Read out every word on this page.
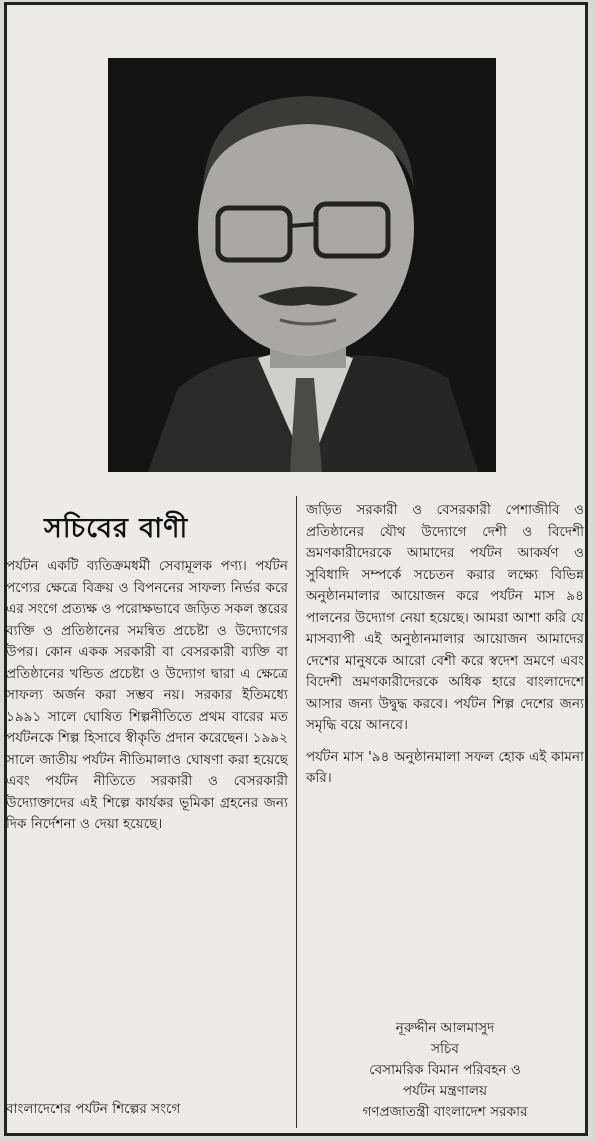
সচিবের বাণী

পর্যটন একটি ব্যতিক্রমধর্মী সেবামূলক পণ্য। পর্যটন পণ্যের ক্ষেত্রে বিক্রয় ও বিপননের সাফল্য নির্ভর করে এর সংগে প্রত্যক্ষ ও পরোক্ষভাবে জড়িত সকল স্তরের ব্যক্তি ও প্রতিষ্ঠানের সমন্বিত প্রচেষ্টা ও উদ্যোগের উপর। কোন একক সরকারী বা বেসরকারী ব্যক্তি বা প্রতিষ্ঠানের খন্ডিত প্রচেষ্টা ও উদ্যোগ দ্বারা এ ক্ষেত্রে সাফল্য অর্জন করা সম্ভব নয়। সরকার ইতিমধ্যে ১৯৯১ সালে ঘোষিত শিল্পনীতিতে প্রথম বারের মত পর্যটনকে শিল্প হিসাবে স্বীকৃতি প্রদান করেছেন। ১৯৯২ সালে জাতীয় পর্যটন নীতিমালাও ঘোষণা করা হয়েছে এবং পর্যটন নীতিতে সরকারী ও বেসরকারী উদ্যোক্তাদের এই শিল্পে কার্যকর ভূমিকা গ্রহনের জন্য দিক নির্দেশনা ও দেয়া হয়েছে।

বাংলাদেশের পর্যটন শিল্পের সংগে

জড়িত সরকারী ও বেসরকারী পেশাজীবি ও প্রতিষ্ঠানের যৌথ উদ্যোগে দেশী ও বিদেশী ভ্রমণকারীদেরকে আমাদের পর্যটন আকর্ষণ ও সুবিধাদি সম্পর্কে সচেতন করার লক্ষ্যে বিভিন্ন অনুষ্ঠানমালার আয়োজন করে পর্যটন মাস ৯৪ পালনের উদ্যোগ নেয়া হয়েছে। আমরা আশা করি যে মাসব্যাপী এই অনুষ্ঠানমালার আয়োজন আমাদের দেশের মানুষকে আরো বেশী করে স্বদেশ ভ্রমণে এবং বিদেশী ভ্রমণকারীদেরকে অধিক হারে বাংলাদেশে আসার জন্য উদ্বুদ্ধ করবে। পর্যটন শিল্প দেশের জন্য সমৃদ্ধি বয়ে আনবে।

পর্যটন মাস '৯৪ অনুষ্ঠানমালা সফল হোক এই কামনা করি।

নূরুদ্দীন আলমাসুদ
সচিব
বেসামরিক বিমান পরিবহন ও
পর্যটন মন্ত্রণালয়
গণপ্রজাতন্ত্রী বাংলাদেশ সরকার
